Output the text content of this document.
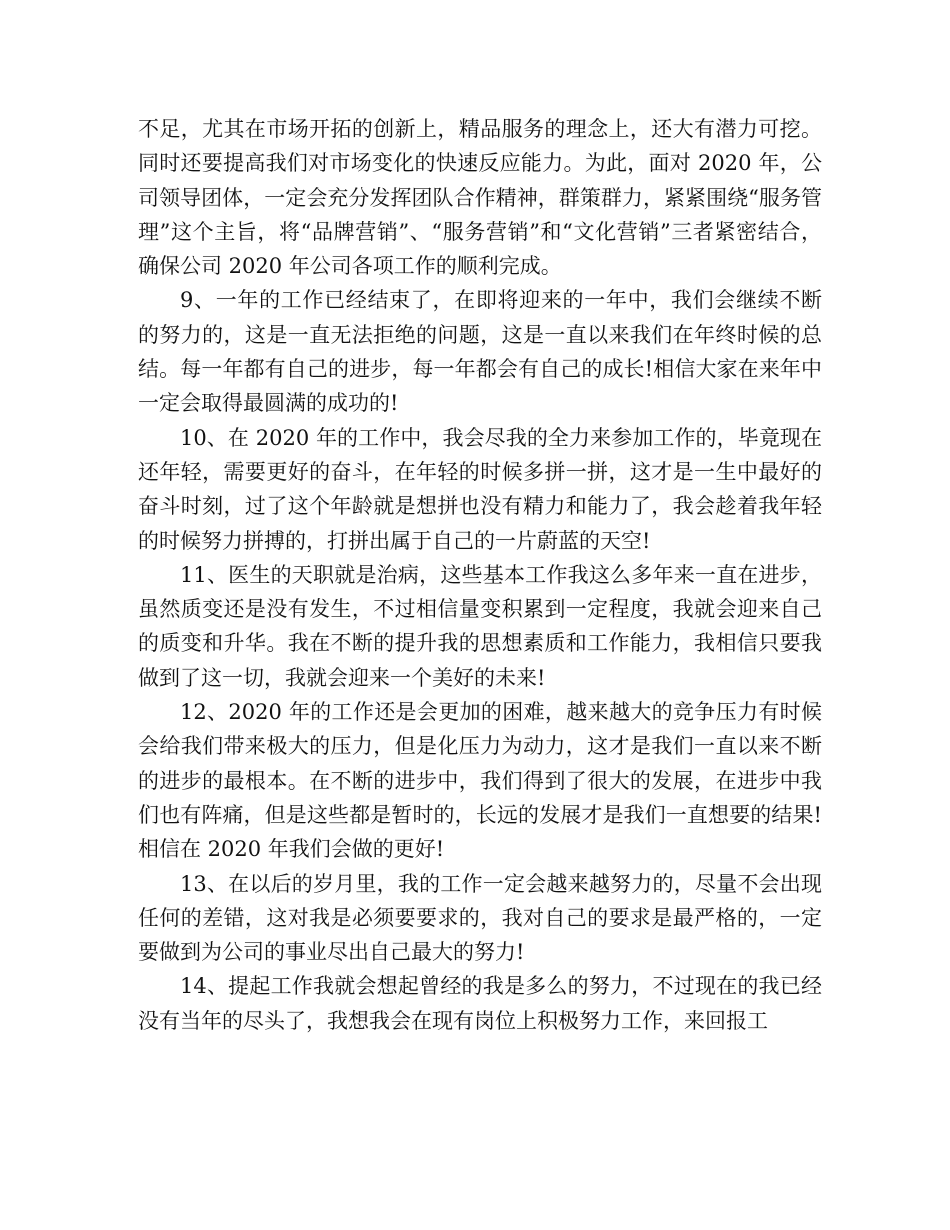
不足，尤其在市场开拓的创新上，精品服务的理念上，还大有潜力可挖。同时还要提高我们对市场变化的快速反应能力。为此，面对 2020 年，公司领导团体，一定会充分发挥团队合作精神，群策群力，紧紧围绕“服务管理”这个主旨，将“品牌营销”、“服务营销”和“文化营销”三者紧密结合，确保公司 2020 年公司各项工作的顺利完成。

9、一年的工作已经结束了，在即将迎来的一年中，我们会继续不断的努力的，这是一直无法拒绝的问题，这是一直以来我们在年终时候的总结。每一年都有自己的进步，每一年都会有自己的成长!相信大家在来年中一定会取得最圆满的成功的!

10、在 2020 年的工作中，我会尽我的全力来参加工作的，毕竟现在还年轻，需要更好的奋斗，在年轻的时候多拼一拼，这才是一生中最好的奋斗时刻，过了这个年龄就是想拼也没有精力和能力了，我会趁着我年轻的时候努力拼搏的，打拼出属于自己的一片蔚蓝的天空!

11、医生的天职就是治病，这些基本工作我这么多年来一直在进步，虽然质变还是没有发生，不过相信量变积累到一定程度，我就会迎来自己的质变和升华。我在不断的提升我的思想素质和工作能力，我相信只要我做到了这一切，我就会迎来一个美好的未来!

12、2020 年的工作还是会更加的困难，越来越大的竞争压力有时候会给我们带来极大的压力，但是化压力为动力，这才是我们一直以来不断的进步的最根本。在不断的进步中，我们得到了很大的发展，在进步中我们也有阵痛，但是这些都是暂时的，长远的发展才是我们一直想要的结果!相信在 2020 年我们会做的更好!

13、在以后的岁月里，我的工作一定会越来越努力的，尽量不会出现任何的差错，这对我是必须要要求的，我对自己的要求是最严格的，一定要做到为公司的事业尽出自己最大的努力!

14、提起工作我就会想起曾经的我是多么的努力，不过现在的我已经没有当年的尽头了，我想我会在现有岗位上积极努力工作，来回报工
